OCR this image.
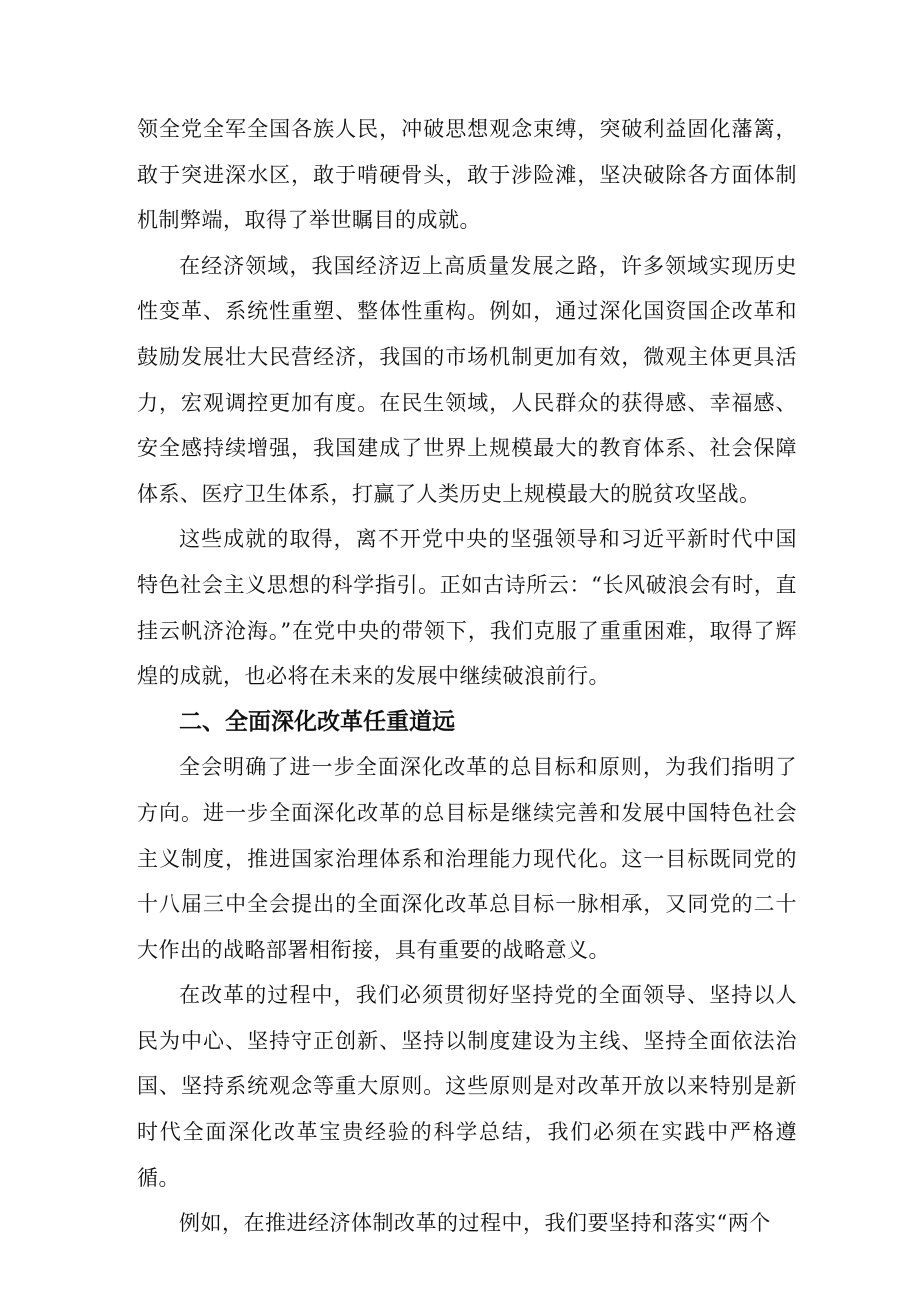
领全党全军全国各族人民，冲破思想观念束缚，突破利益固化藩篱，敢于突进深水区，敢于啃硬骨头，敢于涉险滩，坚决破除各方面体制机制弊端，取得了举世瞩目的成就。

在经济领域，我国经济迈上高质量发展之路，许多领域实现历史性变革、系统性重塑、整体性重构。例如，通过深化国资国企改革和鼓励发展壮大民营经济，我国的市场机制更加有效，微观主体更具活力，宏观调控更加有度。在民生领域，人民群众的获得感、幸福感、安全感持续增强，我国建成了世界上规模最大的教育体系、社会保障体系、医疗卫生体系，打赢了人类历史上规模最大的脱贫攻坚战。

这些成就的取得，离不开党中央的坚强领导和习近平新时代中国特色社会主义思想的科学指引。正如古诗所云：“长风破浪会有时，直挂云帆济沧海。”在党中央的带领下，我们克服了重重困难，取得了辉煌的成就，也必将在未来的发展中继续破浪前行。

二、全面深化改革任重道远

全会明确了进一步全面深化改革的总目标和原则，为我们指明了方向。进一步全面深化改革的总目标是继续完善和发展中国特色社会主义制度，推进国家治理体系和治理能力现代化。这一目标既同党的十八届三中全会提出的全面深化改革总目标一脉相承，又同党的二十大作出的战略部署相衔接，具有重要的战略意义。

在改革的过程中，我们必须贯彻好坚持党的全面领导、坚持以人民为中心、坚持守正创新、坚持以制度建设为主线、坚持全面依法治国、坚持系统观念等重大原则。这些原则是对改革开放以来特别是新时代全面深化改革宝贵经验的科学总结，我们必须在实践中严格遵循。

例如，在推进经济体制改革的过程中，我们要坚持和落实“两个
